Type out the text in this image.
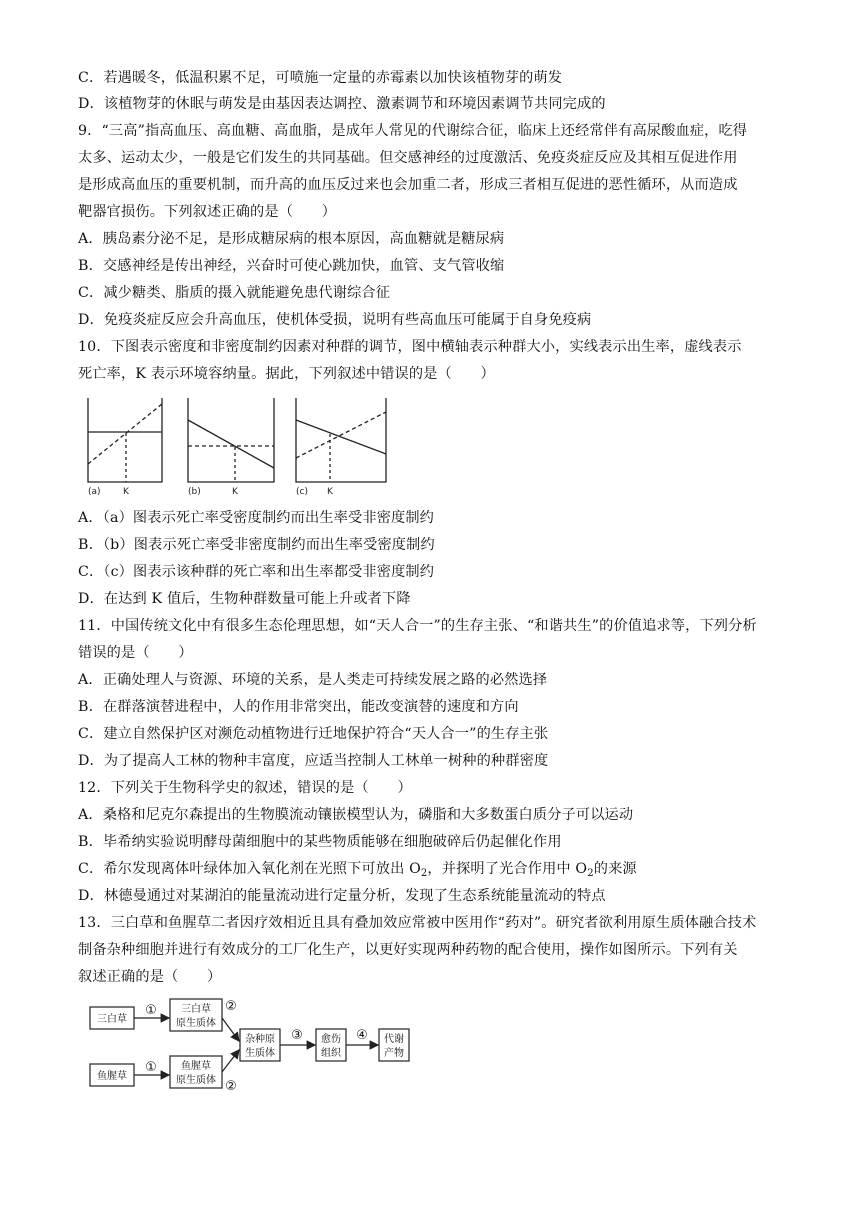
C．若遇暖冬，低温积累不足，可喷施一定量的赤霉素以加快该植物芽的萌发
D．该植物芽的休眠与萌发是由基因表达调控、激素调节和环境因素调节共同完成的
9．“三高”指高血压、高血糖、高血脂，是成年人常见的代谢综合征，临床上还经常伴有高尿酸血症，吃得
太多、运动太少，一般是它们发生的共同基础。但交感神经的过度激活、免疫炎症反应及其相互促进作用
是形成高血压的重要机制，而升高的血压反过来也会加重二者，形成三者相互促进的恶性循环，从而造成
靶器官损伤。下列叙述正确的是（　　）
A．胰岛素分泌不足，是形成糖尿病的根本原因，高血糖就是糖尿病
B．交感神经是传出神经，兴奋时可使心跳加快，血管、支气管收缩
C．减少糖类、脂质的摄入就能避免患代谢综合征
D．免疫炎症反应会升高血压，使机体受损，说明有些高血压可能属于自身免疫病
10．下图表示密度和非密度制约因素对种群的调节，图中横轴表示种群大小，实线表示出生率，虚线表示
死亡率，K 表示环境容纳量。据此，下列叙述中错误的是（　　）
(a) K	(b)	K	(c) K
A．（a）图表示死亡率受密度制约而出生率受非密度制约
B．（b）图表示死亡率受非密度制约而出生率受密度制约
C．（c）图表示该种群的死亡率和出生率都受非密度制约
D．在达到 K 值后，生物种群数量可能上升或者下降
11．中国传统文化中有很多生态伦理思想，如“天人合一”的生存主张、“和谐共生”的价值追求等，下列分析
错误的是（　　）
A．正确处理人与资源、环境的关系，是人类走可持续发展之路的必然选择
B．在群落演替进程中，人的作用非常突出，能改变演替的速度和方向
C．建立自然保护区对濒危动植物进行迁地保护符合“天人合一”的生存主张
D．为了提高人工林的物种丰富度，应适当控制人工林单一树种的种群密度
12．下列关于生物科学史的叙述，错误的是（　　）
A．桑格和尼克尔森提出的生物膜流动镶嵌模型认为，磷脂和大多数蛋白质分子可以运动
B．毕希纳实验说明酵母菌细胞中的某些物质能够在细胞破碎后仍起催化作用
C．希尔发现离体叶绿体加入氧化剂在光照下可放出 $O_2$，并探明了光合作用中 $O_2$的来源
D．林德曼通过对某湖泊的能量流动进行定量分析，发现了生态系统能量流动的特点
13．三白草和鱼腥草二者因疗效相近且具有叠加效应常被中医用作“药对”。研究者欲利用原生质体融合技术
制备杂种细胞并进行有效成分的工厂化生产，以更好实现两种药物的配合使用，操作如图所示。下列有关
叙述正确的是（　　）
三白草
三白草
原生质体
鱼腥草
鱼腥草
原生质体
杂种原
生质体
愈伤
组织
代谢
产物
①
①
②
②
③	④
